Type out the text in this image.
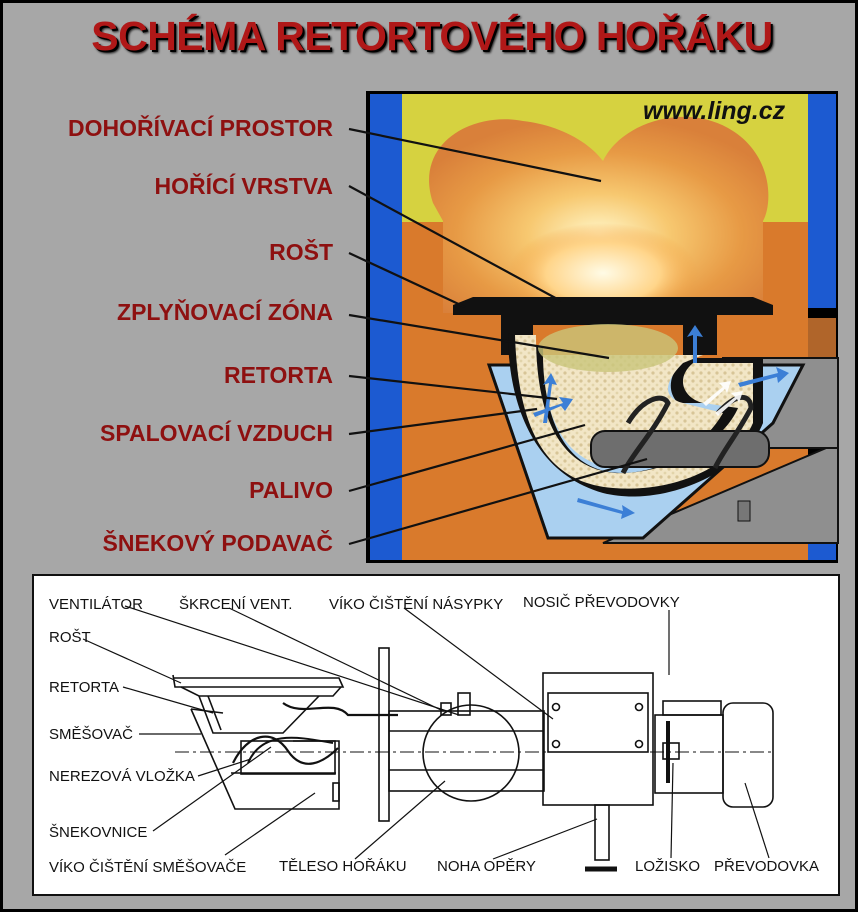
SCHÉMA RETORTOVÉHO HOŘÁKU
VENTILÁTOR ŠKRCENÍ VENT. VÍKO ČIŠTĚNÍ NÁSYPKY NOSIČ PŘEVODOVKY
ROŠT
RETORTA
SMĚŠOVAČ
NEREZOVÁ VLOŽKA
ŠNEKOVNICE
VÍKO ČIŠTĚNÍ SMĚŠOVAČE TĚLESO HOŘÁKU NOHA OPĚRY	LOŽISKO PŘEVODOVKA
www.ling.cz
DOHOŘÍVACÍ PROSTOR
HOŘÍCÍ VRSTVA
ROŠT
ZPLYŇOVACÍ ZÓNA
RETORTA
SPALOVACÍ VZDUCH
PALIVO
ŠNEKOVÝ PODAVAČ
